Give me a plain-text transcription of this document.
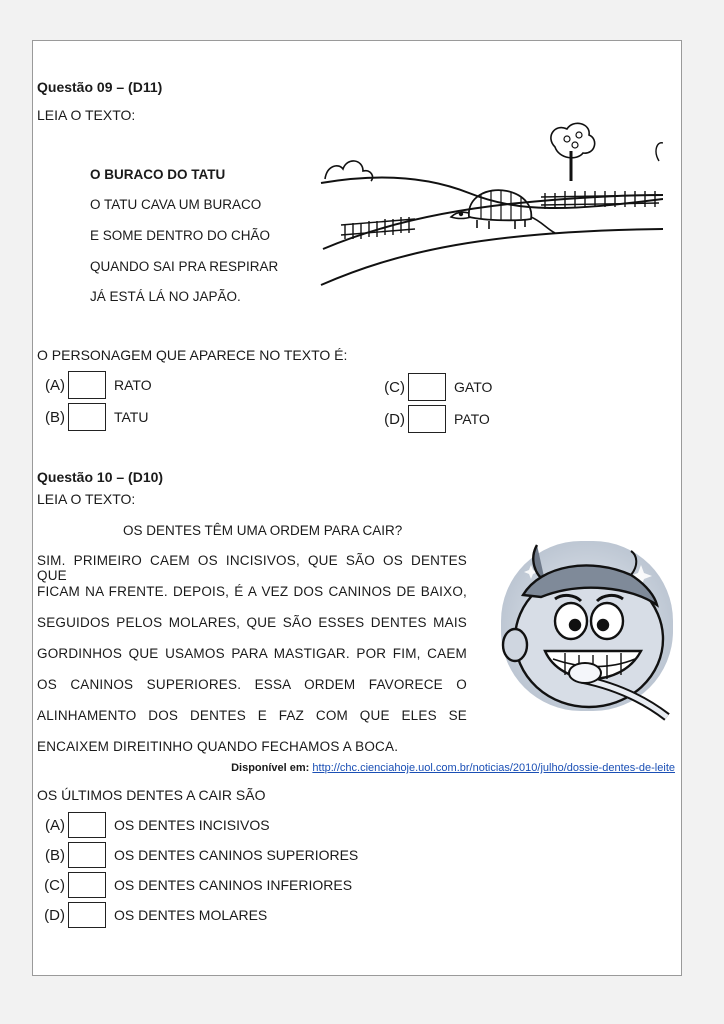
Questão 09 – (D11)
LEIA O TEXTO:
O BURACO DO TATU
O TATU CAVA UM BURACO
E SOME DENTRO DO CHÃO
QUANDO SAI PRA RESPIRAR
JÁ ESTÁ LÁ NO JAPÃO.
O PERSONAGEM QUE APARECE NO TEXTO É:
(A)	RATO
(B)	TATU
(C)	GATO
(D)	PATO
Questão 10 – (D10)
LEIA O TEXTO:
OS DENTES TÊM UMA ORDEM PARA CAIR?
SIM. PRIMEIRO CAEM OS INCISIVOS, QUE SÃO OS DENTES QUE
FICAM NA FRENTE. DEPOIS, É A VEZ DOS CANINOS DE BAIXO,
SEGUIDOS PELOS MOLARES, QUE SÃO ESSES DENTES MAIS
GORDINHOS QUE USAMOS PARA MASTIGAR. POR FIM, CAEM
OS CANINOS SUPERIORES. ESSA ORDEM FAVORECE O
ALINHAMENTO DOS DENTES E FAZ COM QUE ELES SE
ENCAIXEM DIREITINHO QUANDO FECHAMOS A BOCA.
Disponível em: http://chc.cienciahoje.uol.com.br/noticias/2010/julho/dossie-dentes-de-leite
OS ÚLTIMOS DENTES A CAIR SÃO
(A)	OS DENTES INCISIVOS
(B)	OS DENTES CANINOS SUPERIORES
(C)	OS DENTES CANINOS INFERIORES
(D)	OS DENTES MOLARES
